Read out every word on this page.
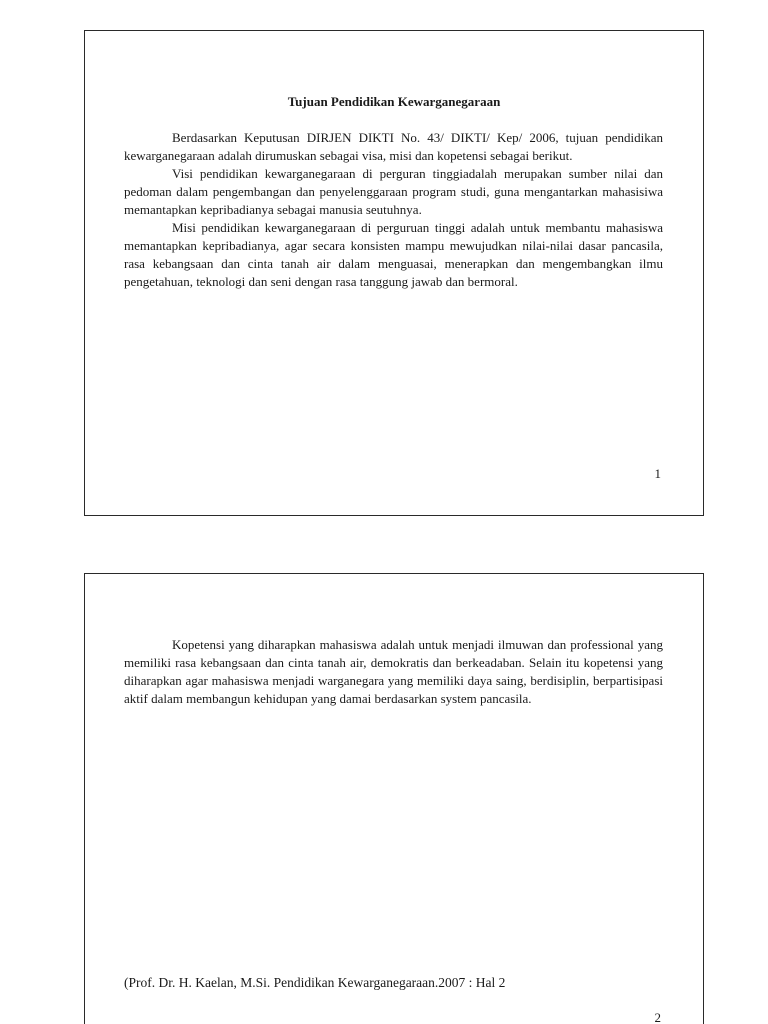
Tujuan Pendidikan Kewarganegaraan

Berdasarkan Keputusan DIRJEN DIKTI No. 43/ DIKTI/ Kep/ 2006, tujuan pendidikan kewarganegaraan adalah dirumuskan sebagai visa, misi dan kopetensi sebagai berikut.

Visi pendidikan kewarganegaraan di perguran tinggiadalah merupakan sumber nilai dan pedoman dalam pengembangan dan penyelenggaraan program studi, guna mengantarkan mahasisiwa memantapkan kepribadianya sebagai manusia seutuhnya.

Misi pendidikan kewarganegaraan di perguruan tinggi adalah untuk membantu mahasiswa memantapkan kepribadianya, agar secara konsisten mampu mewujudkan nilai-nilai dasar pancasila, rasa kebangsaan dan cinta tanah air dalam menguasai, menerapkan dan mengembangkan ilmu pengetahuan, teknologi dan seni dengan rasa tanggung jawab dan bermoral.

1

Kopetensi yang diharapkan mahasiswa adalah untuk menjadi ilmuwan dan professional yang memiliki rasa kebangsaan dan cinta tanah air, demokratis dan berkeadaban. Selain itu kopetensi yang diharapkan agar mahasiswa menjadi warganegara yang memiliki daya saing, berdisiplin, berpartisipasi aktif dalam membangun kehidupan yang damai berdasarkan system pancasila.

(Prof. Dr. H. Kaelan, M.Si. Pendidikan Kewarganegaraan.2007 : Hal 2
2
